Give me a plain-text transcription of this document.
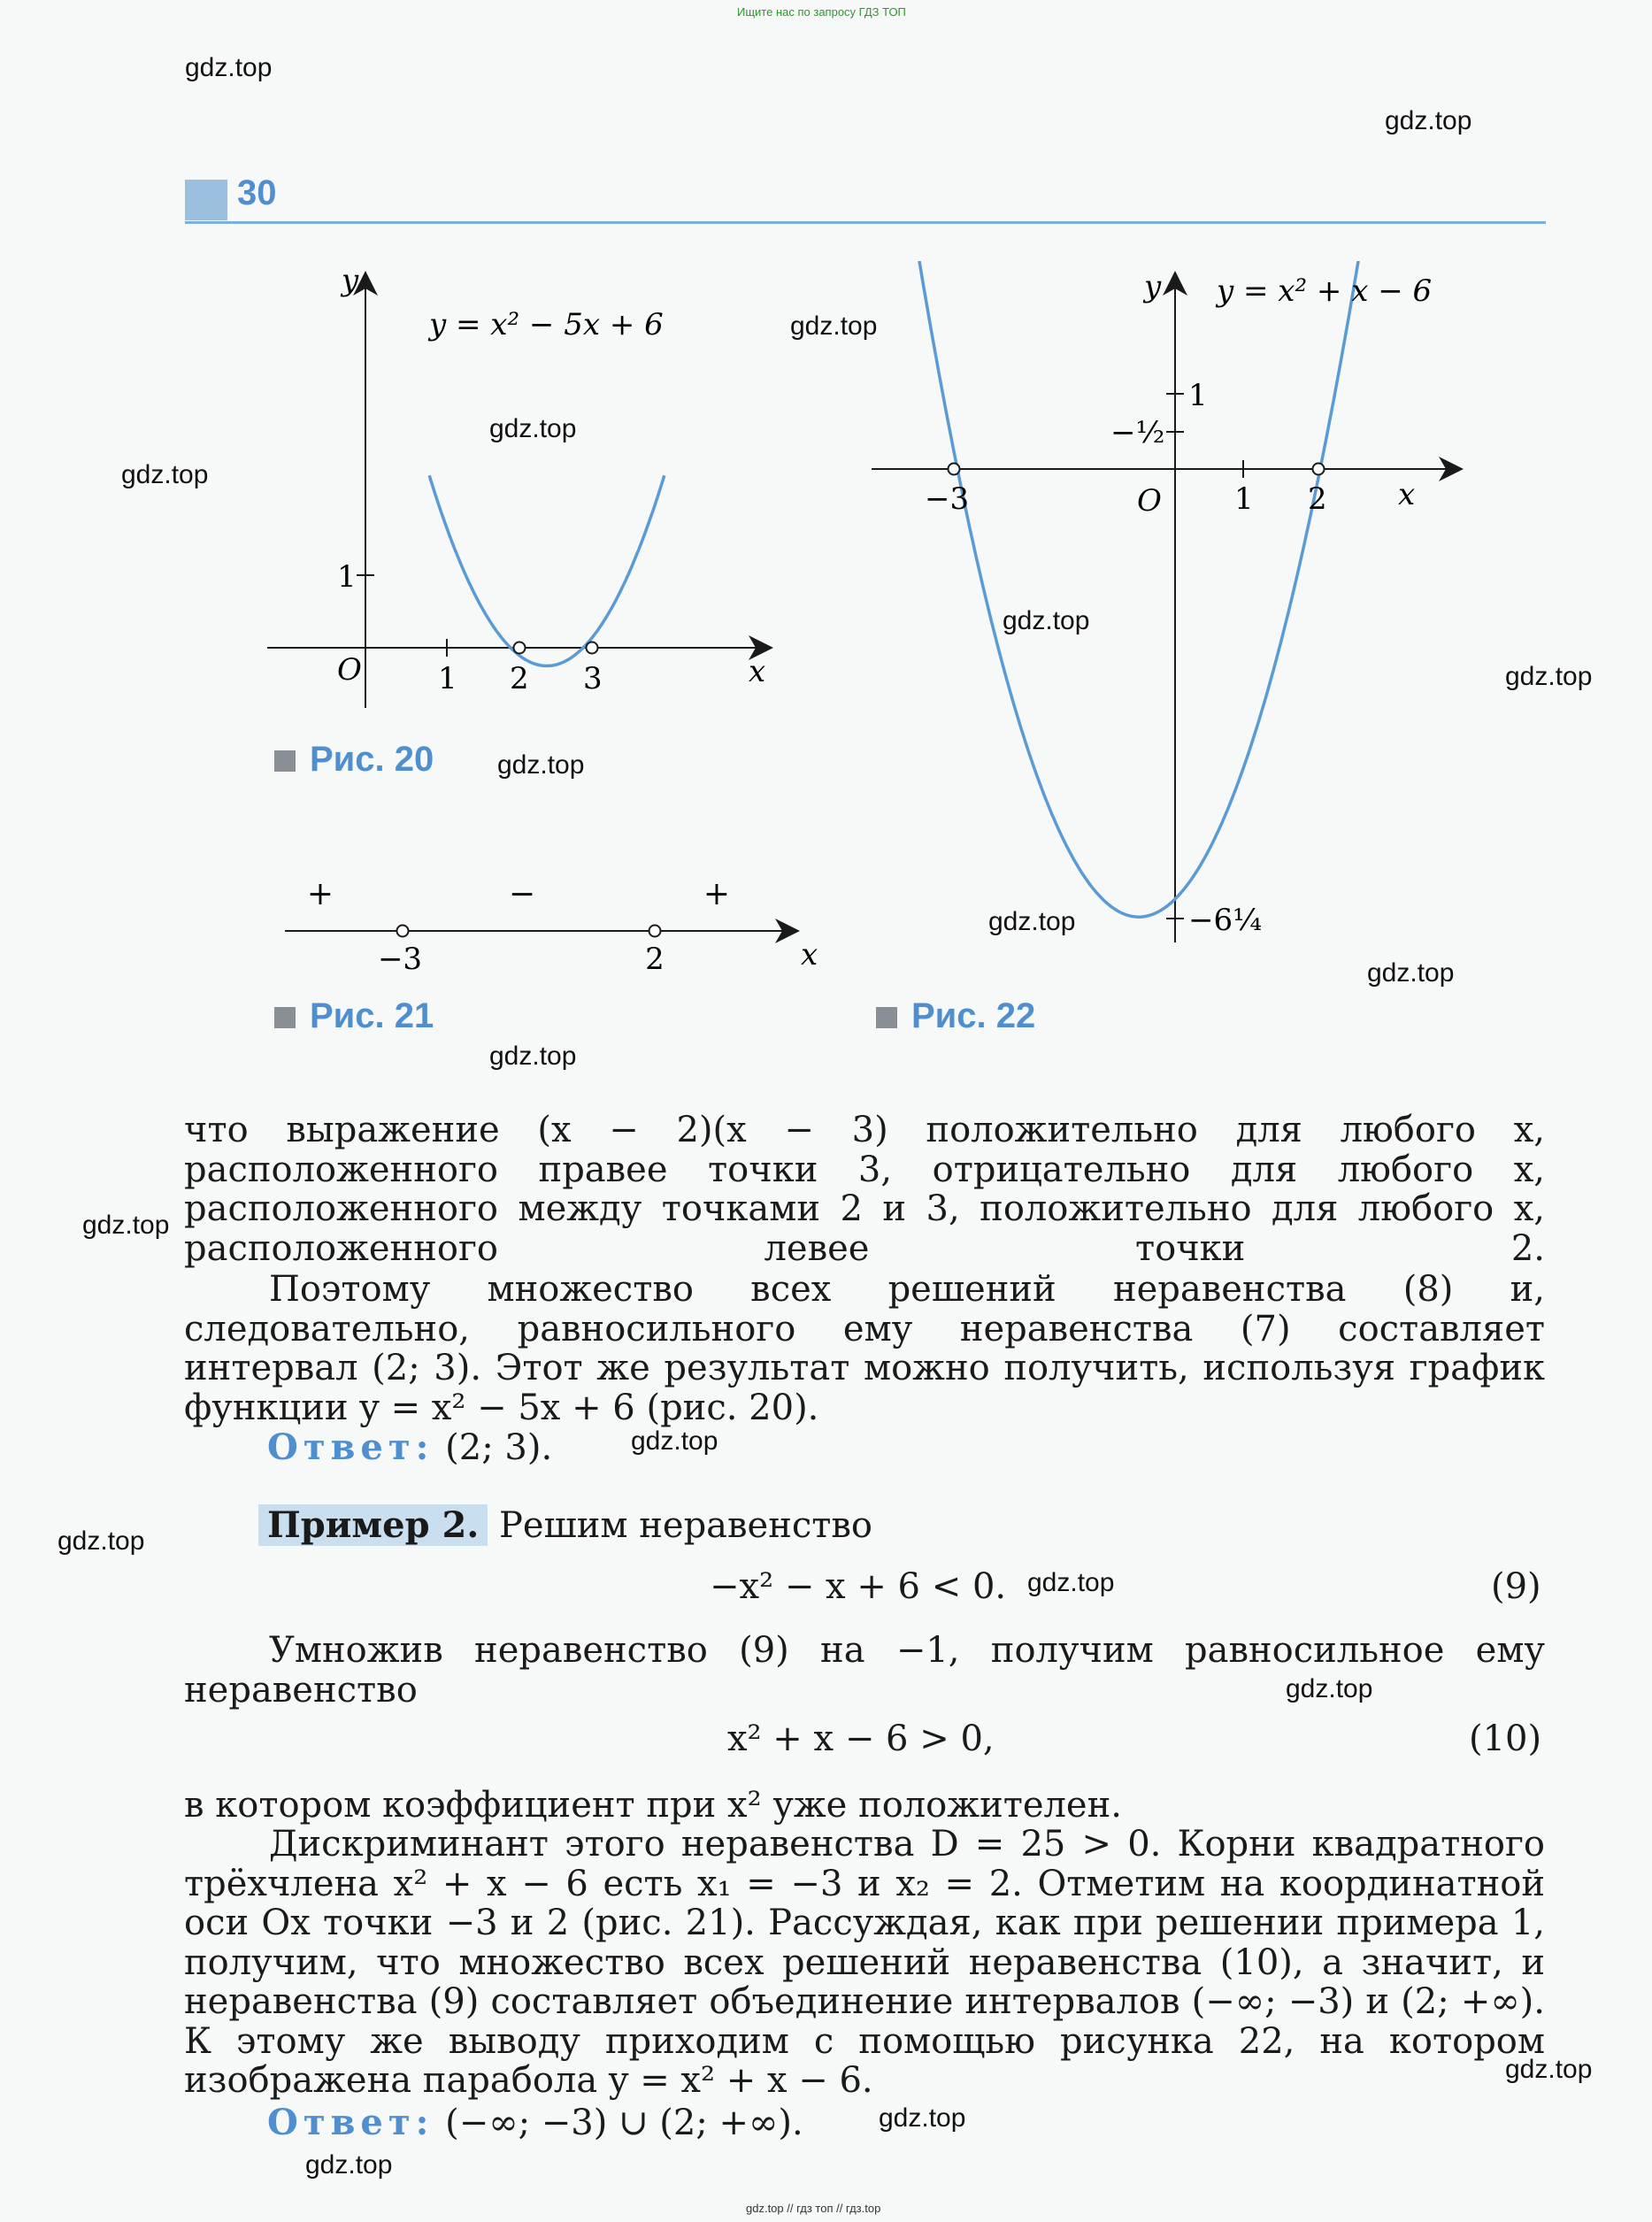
Ищите нас по запросу ГДЗ ТОП
gdz.top // гдз топ // гдз.top
30
gdz.top
gdz.top
gdz.top
gdz.top
gdz.top
gdz.top
gdz.top
gdz.top
gdz.top
gdz.top
gdz.top
gdz.top
gdz.top
gdz.top
gdz.top
gdz.top
gdz.top
gdz.top
gdz.top
y
y = x² − 5x + 6
1
O	1 2 3	x
Рис. 20
+	−	+
−3	2	x
Рис. 21
y y = x² + x − 6
1
−½
−3	O 1 2 x
−6¼
Рис. 22
что выражение (x − 2)(x − 3) положительно для любого x, расположенного правее точки 3, отрицательно для любого x, расположенного между точками 2 и 3, положительно для любого x, расположенного левее точки 2.
Поэтому множество всех решений неравенства (8) и, следовательно, равносильного ему неравенства (7) составляет интервал (2; 3). Этот же результат можно получить, используя график функции y = x² − 5x + 6 (рис. 20).
Ответ: (2; 3).
Пример 2. Решим неравенство
−x² − x + 6 < 0.	(9)
Умножив неравенство (9) на −1, получим равносильное ему неравенство
x² + x − 6 > 0,	(10)
в котором коэффициент при x² уже положителен.
Дискриминант этого неравенства D = 25 > 0. Корни квадратного трёхчлена x² + x − 6 есть x₁ = −3 и x₂ = 2. Отметим на координатной оси Ox точки −3 и 2 (рис. 21). Рассуждая, как при решении примера 1, получим, что множество всех решений неравенства (10), а значит, и неравенства (9) составляет объединение интервалов (−∞; −3) и (2; +∞). К этому же выводу приходим с помощью рисунка 22, на котором изображена парабола y = x² + x − 6.
Ответ: (−∞; −3) ∪ (2; +∞).
